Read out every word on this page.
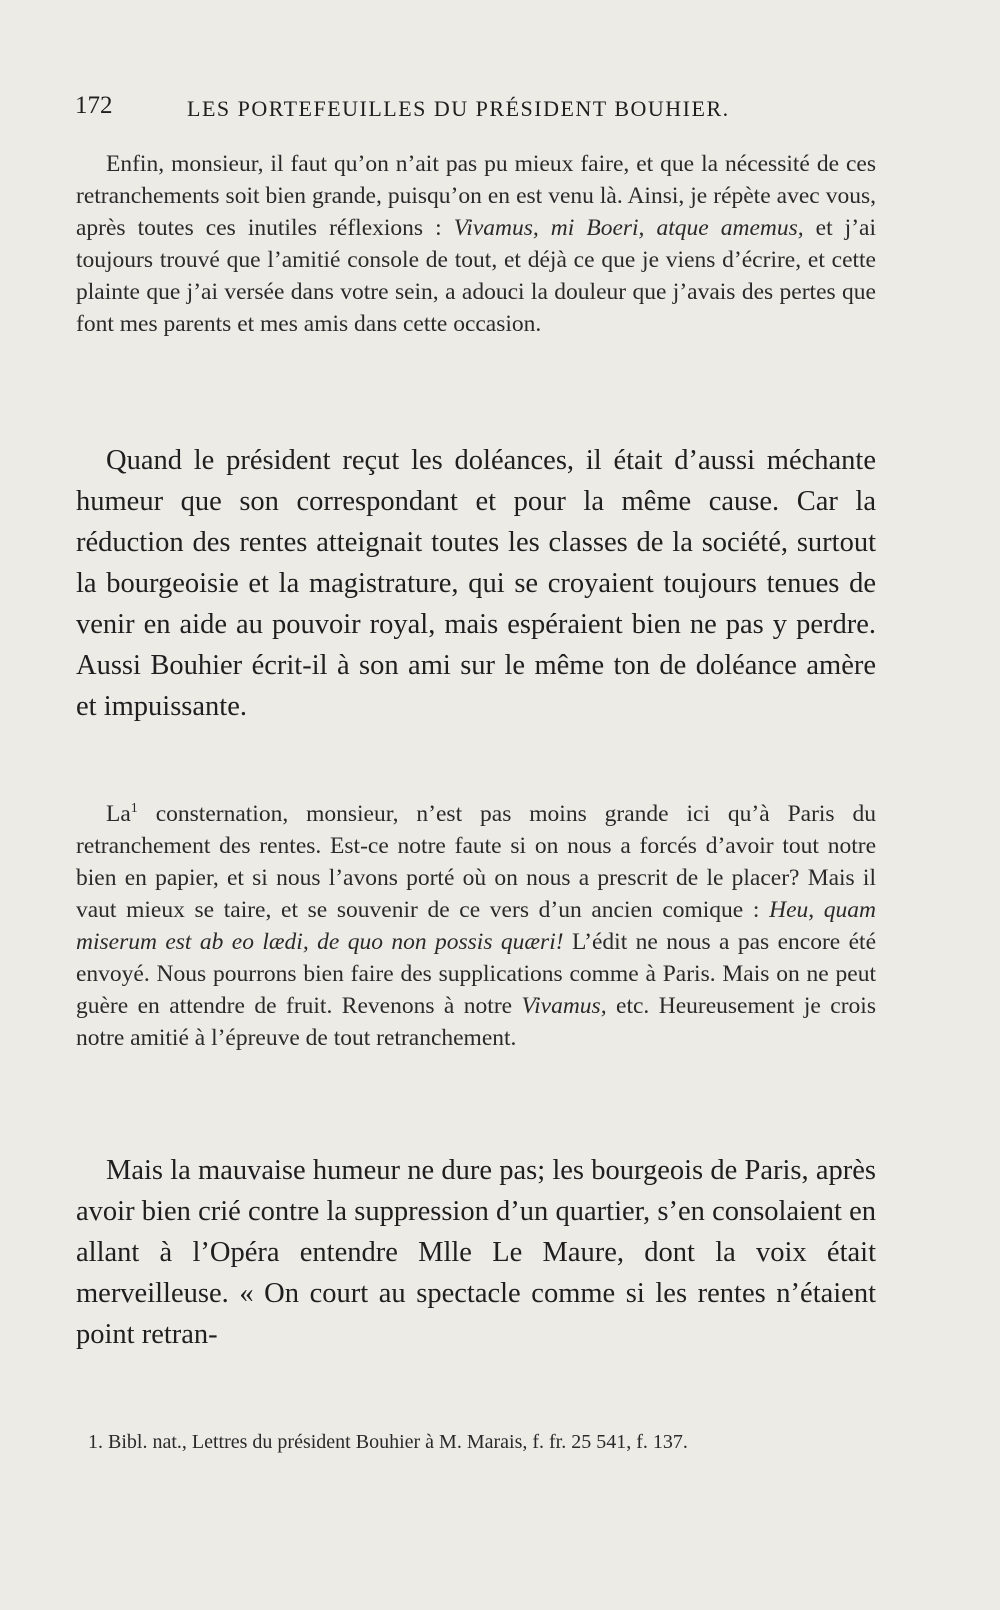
172	LES PORTEFEUILLES DU PRÉSIDENT BOUHIER.

Enfin, monsieur, il faut qu’on n’ait pas pu mieux faire, et que la nécessité de ces retranchements soit bien grande, puisqu’on en est venu là. Ainsi, je répète avec vous, après toutes ces inutiles réflexions : Vivamus, mi Boeri, atque amemus, et j’ai toujours trouvé que l’amitié console de tout, et déjà ce que je viens d’écrire, et cette plainte que j’ai versée dans votre sein, a adouci la douleur que j’avais des pertes que font mes parents et mes amis dans cette occasion.

Quand le président reçut les doléances, il était d’aussi méchante humeur que son correspondant et pour la même cause. Car la réduction des rentes atteignait toutes les classes de la société, surtout la bourgeoisie et la magistrature, qui se croyaient toujours tenues de venir en aide au pouvoir royal, mais espéraient bien ne pas y perdre. Aussi Bouhier écrit-il à son ami sur le même ton de doléance amère et impuissante.

La$^1$ consternation, monsieur, n’est pas moins grande ici qu’à Paris du retranchement des rentes. Est-ce notre faute si on nous a forcés d’avoir tout notre bien en papier, et si nous l’avons porté où on nous a prescrit de le placer? Mais il vaut mieux se taire, et se souvenir de ce vers d’un ancien comique : Heu, quam miserum est ab eo lædi, de quo non possis quæri! L’édit ne nous a pas encore été envoyé. Nous pourrons bien faire des supplications comme à Paris. Mais on ne peut guère en attendre de fruit. Revenons à notre Vivamus, etc. Heureusement je crois notre amitié à l’épreuve de tout retranchement.

Mais la mauvaise humeur ne dure pas; les bourgeois de Paris, après avoir bien crié contre la suppression d’un quartier, s’en consolaient en allant à l’Opéra entendre Mlle Le Maure, dont la voix était merveilleuse. « On court au spectacle comme si les rentes n’étaient point retran-

1. Bibl. nat., Lettres du président Bouhier à M. Marais, f. fr. 25 541, f. 137.
